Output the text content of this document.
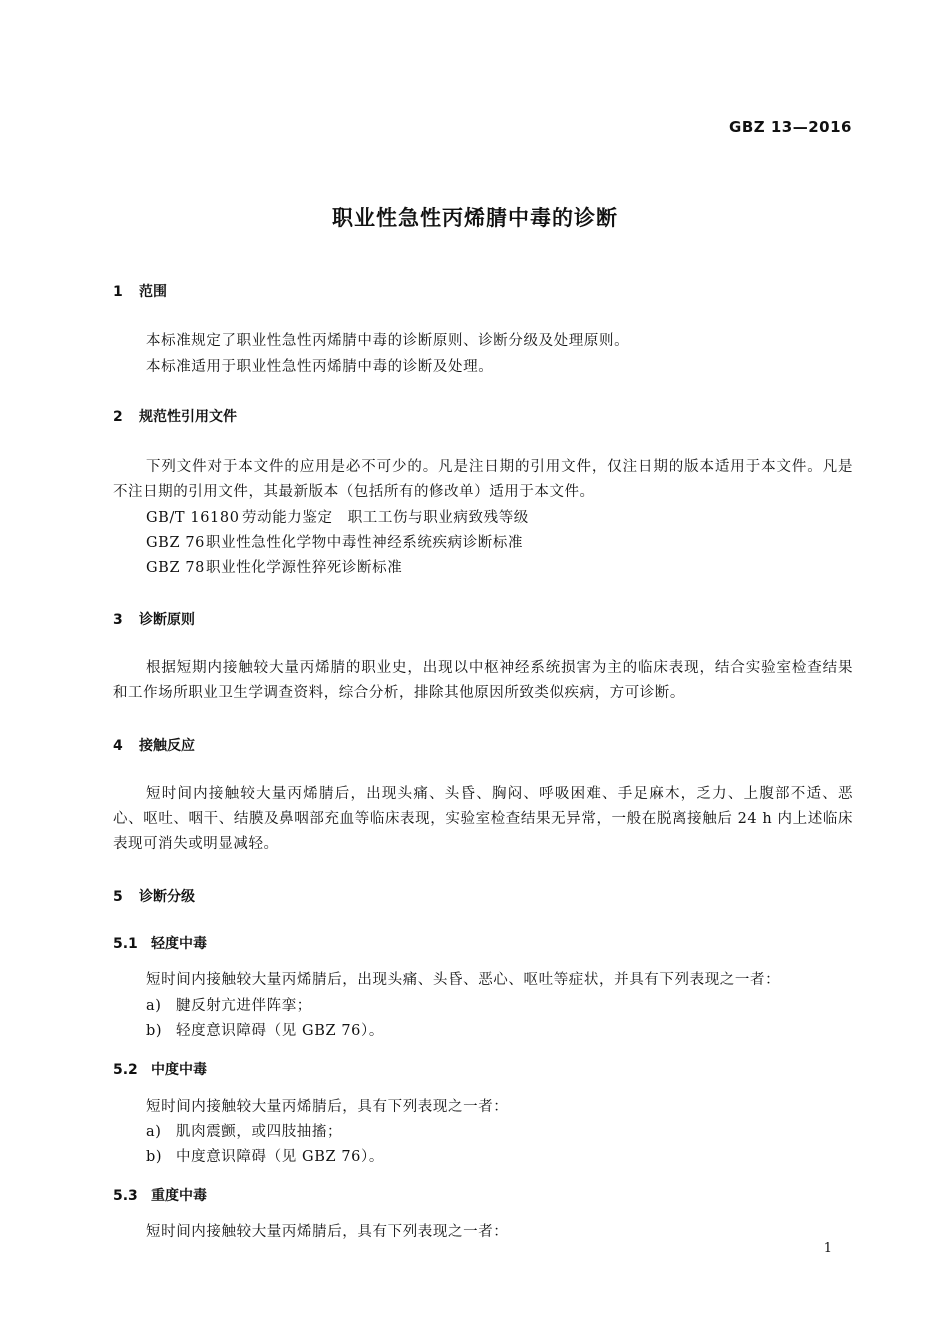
GBZ 13—2016
职业性急性丙烯腈中毒的诊断
1 范围
本标准规定了职业性急性丙烯腈中毒的诊断原则、诊断分级及处理原则。
本标准适用于职业性急性丙烯腈中毒的诊断及处理。
2 规范性引用文件
下列文件对于本文件的应用是必不可少的。凡是注日期的引用文件，仅注日期的版本适用于本文件。凡是不注日期的引用文件，其最新版本（包括所有的修改单）适用于本文件。
GB/T 16180 劳动能力鉴定　职工工伤与职业病致残等级
GBZ 76职业性急性化学物中毒性神经系统疾病诊断标准
GBZ 78职业性化学源性猝死诊断标准
3 诊断原则
根据短期内接触较大量丙烯腈的职业史，出现以中枢神经系统损害为主的临床表现，结合实验室检查结果和工作场所职业卫生学调查资料，综合分析，排除其他原因所致类似疾病，方可诊断。
4 接触反应
短时间内接触较大量丙烯腈后，出现头痛、头昏、胸闷、呼吸困难、手足麻木，乏力、上腹部不适、恶心、呕吐、咽干、结膜及鼻咽部充血等临床表现，实验室检查结果无异常，一般在脱离接触后 24 h 内上述临床表现可消失或明显减轻。
5 诊断分级
5.1 轻度中毒
短时间内接触较大量丙烯腈后，出现头痛、头昏、恶心、呕吐等症状，并具有下列表现之一者：
a) 腱反射亢进伴阵挛；
b) 轻度意识障碍（见 GBZ 76）。
5.2 中度中毒
短时间内接触较大量丙烯腈后，具有下列表现之一者：
a) 肌肉震颤，或四肢抽搐；
b) 中度意识障碍（见 GBZ 76）。
5.3 重度中毒
短时间内接触较大量丙烯腈后，具有下列表现之一者：
1
